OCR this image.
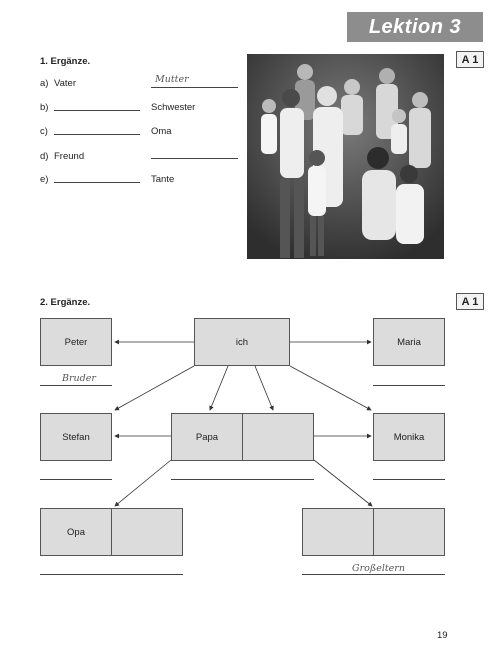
Lektion 3
1. Ergänze.	A 1
a) Vater	Mutter
b)	Schwester
c)	Oma
d) Freund
e)	Tante
2. Ergänze.	A 1
Peter
Bruder
ich	Maria
Stefan	Papa	Monika
Opa
Großeltern
19
